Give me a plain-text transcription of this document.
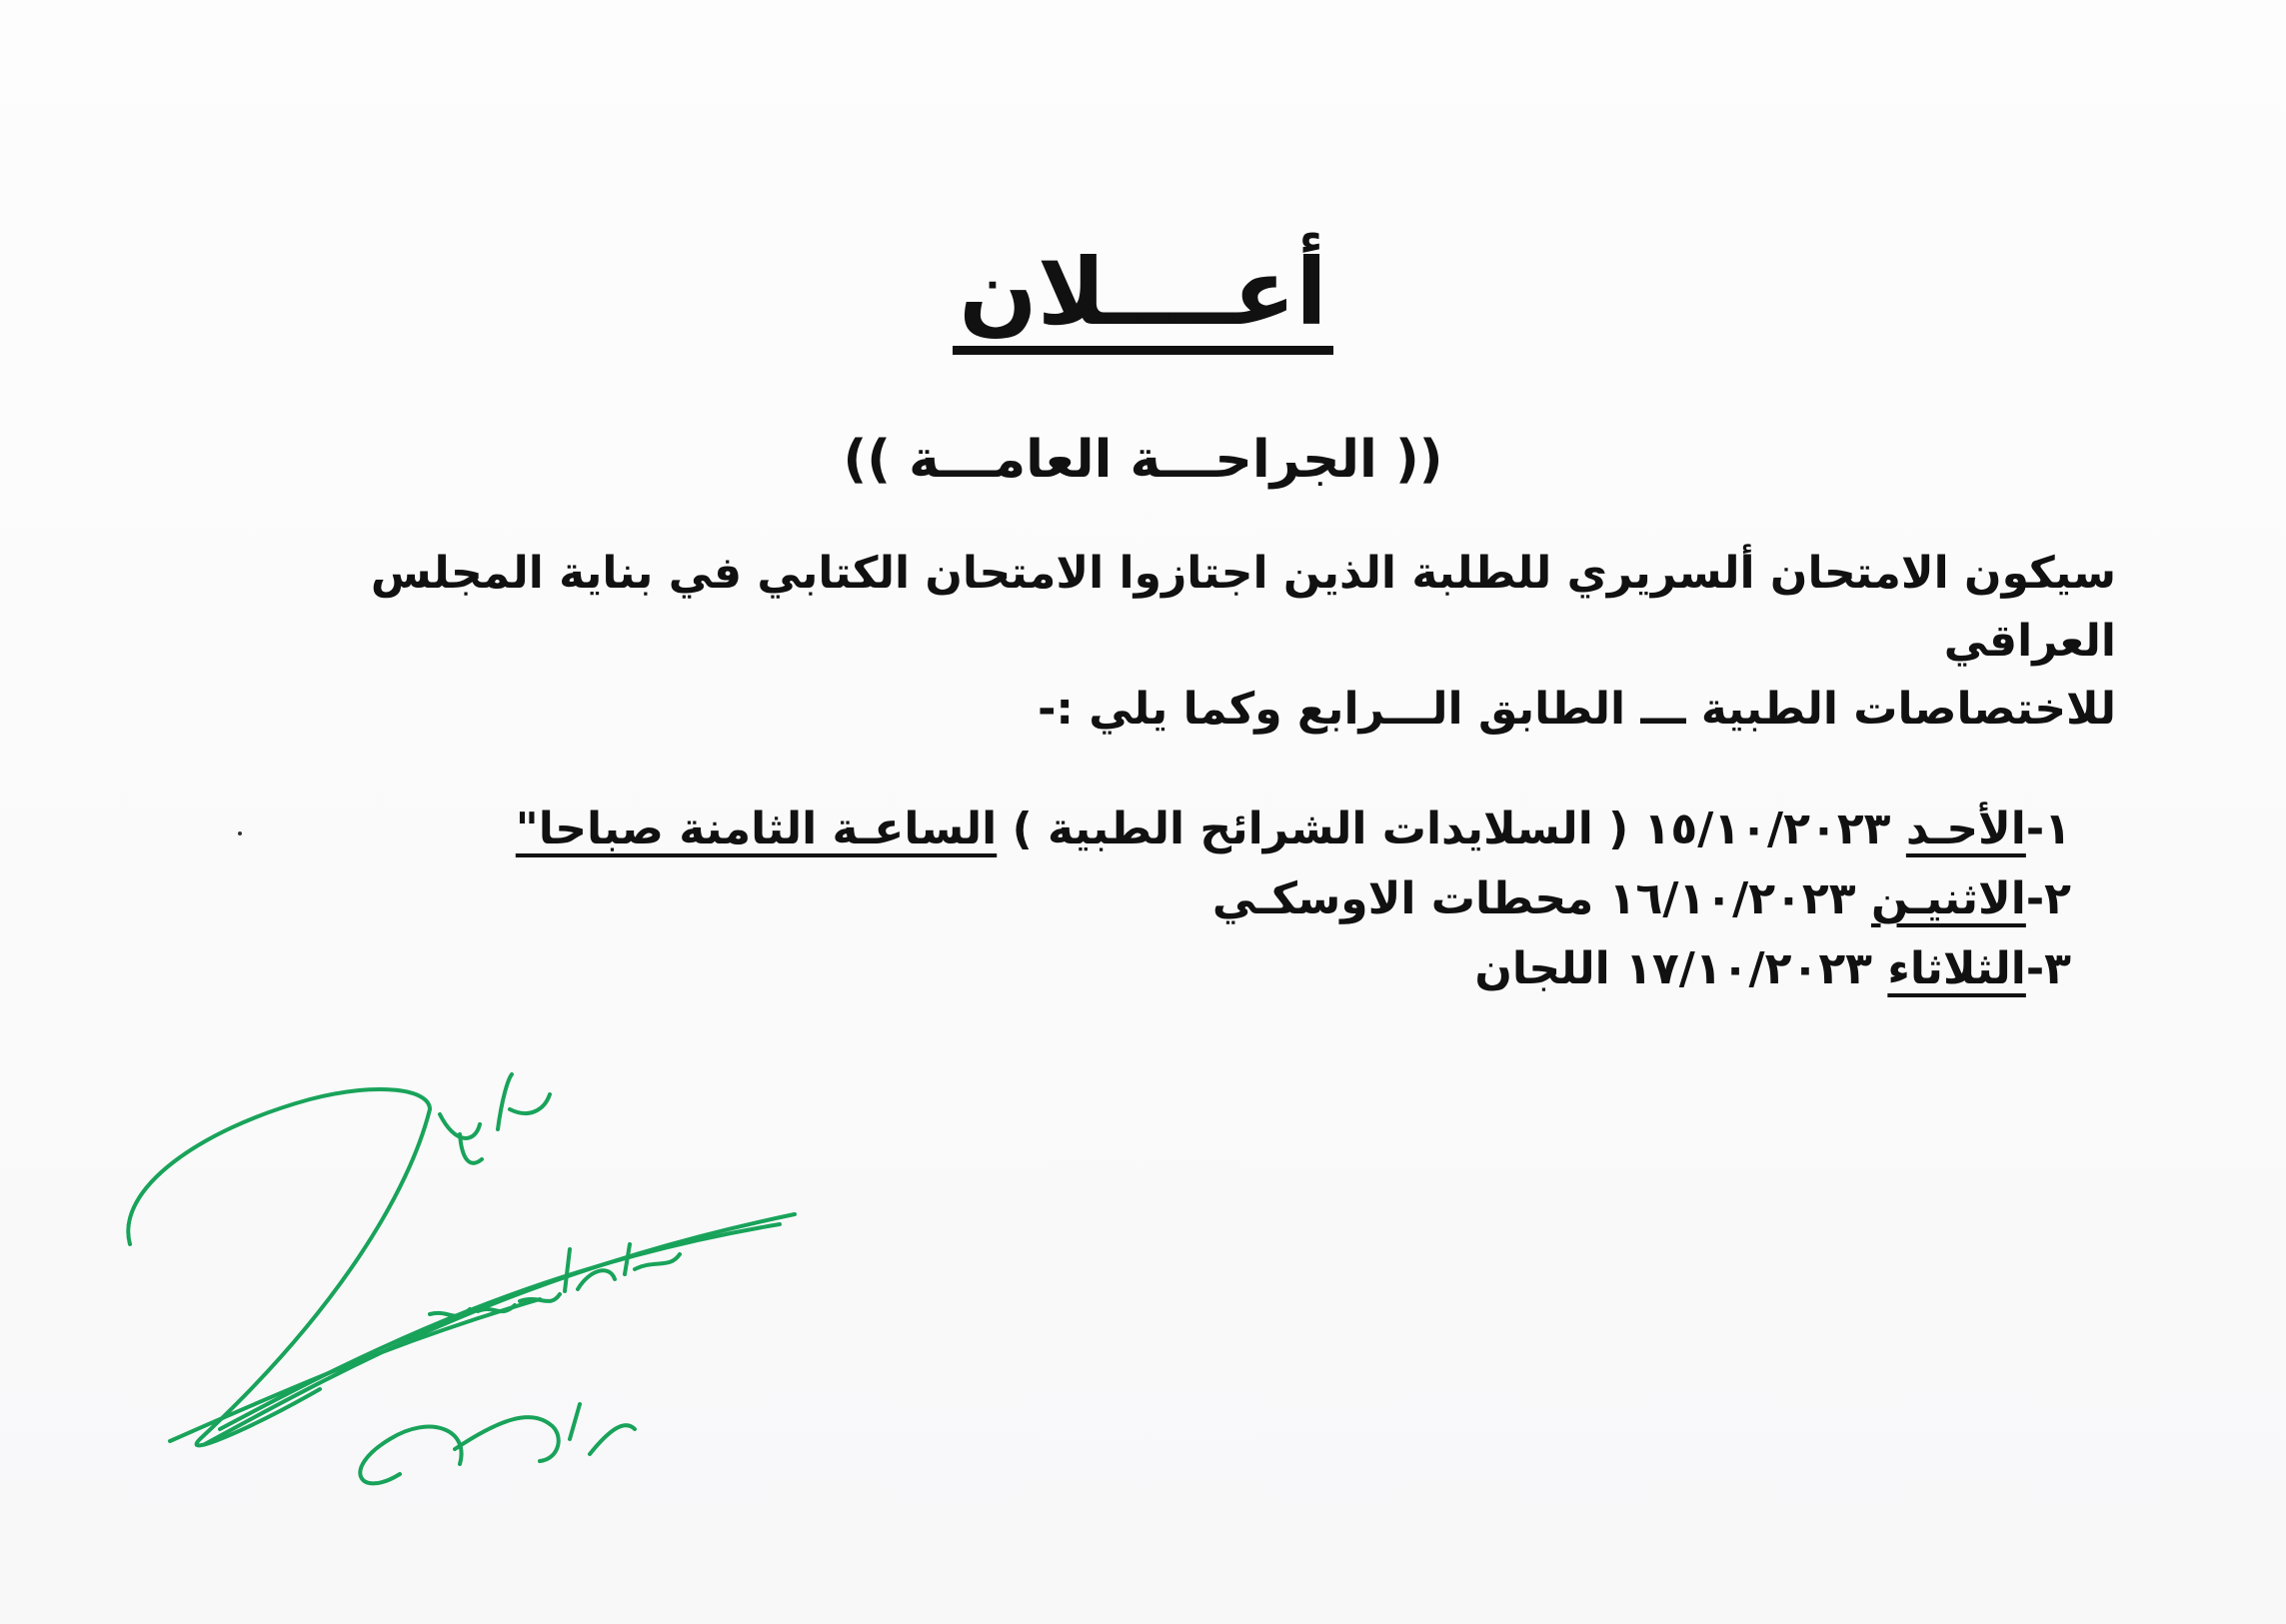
أعــــلان
(( الجراحـــة العامـــة ))

سيكون الامتحان ألسريري للطلبة الذين اجتازوا الامتحان الكتابي في بناية المجلس العراقي

للاختصاصات الطبية ـــ الطابق الـــرابع وكما يلي :-

١-الأحـد ١٥/١٠/٢٠٢٣ ( السلايدات الشرائح الطبية ) الساعـة الثامنة صباحا"
٢-الاثنيـن ١٦/١٠/٢٠٢٣ محطات الاوسكـي
٣-الثلاثاء ١٧/١٠/٢٠٢٣ اللجان
